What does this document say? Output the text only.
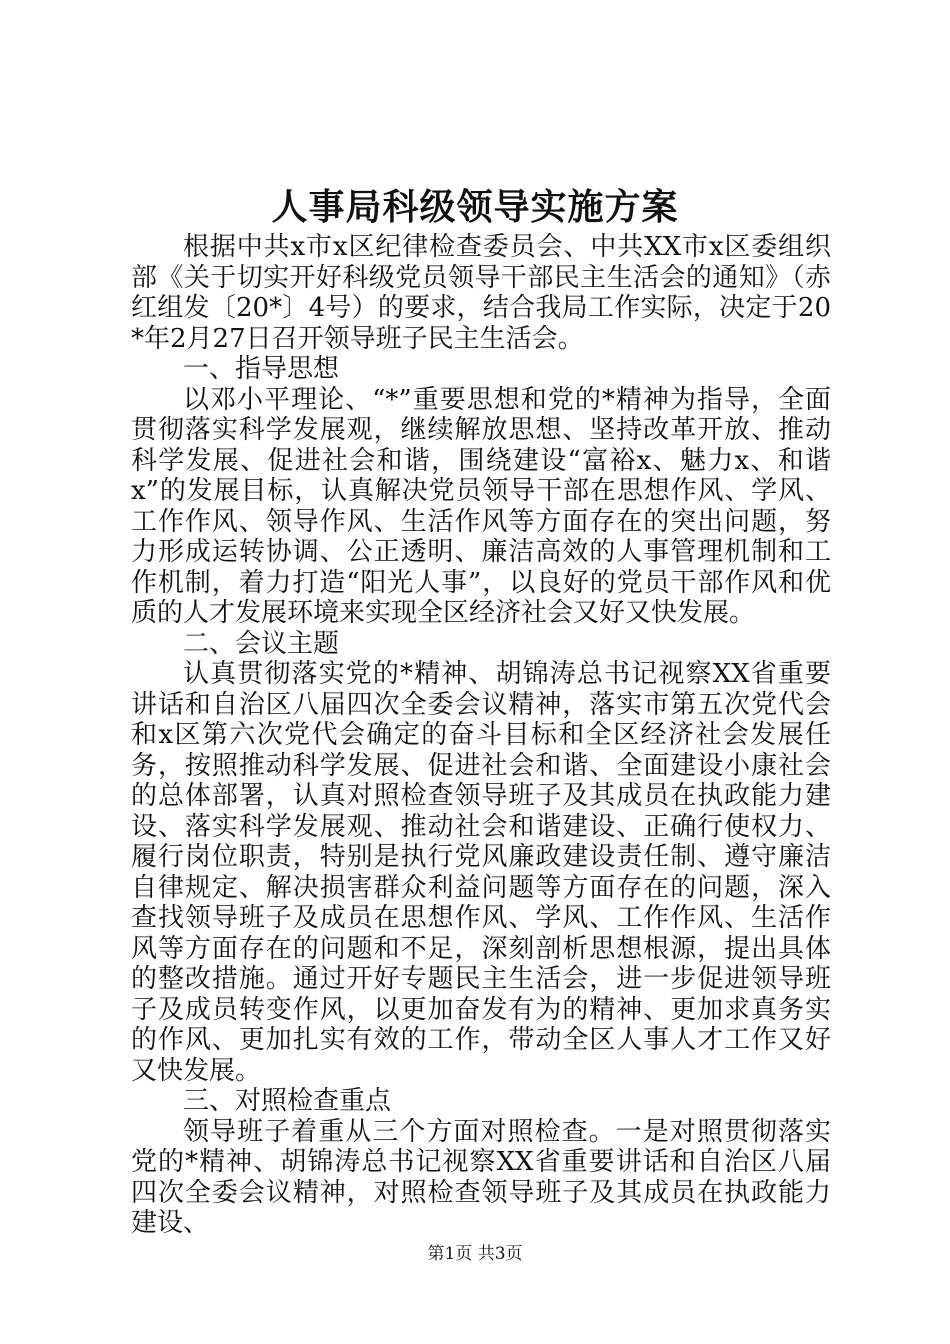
人事局科级领导实施方案

根据中共x市x区纪律检查委员会、中共XX市x区委组织部《关于切实开好科级党员领导干部民主生活会的通知》（赤红组发〔20*〕4号）的要求，结合我局工作实际，决定于20*年2月27日召开领导班子民主生活会。

一、指导思想

以邓小平理论、“*”重要思想和党的*精神为指导，全面贯彻落实科学发展观，继续解放思想、坚持改革开放、推动科学发展、促进社会和谐，围绕建设“富裕x、魅力x、和谐x”的发展目标，认真解决党员领导干部在思想作风、学风、工作作风、领导作风、生活作风等方面存在的突出问题，努力形成运转协调、公正透明、廉洁高效的人事管理机制和工作机制，着力打造“阳光人事”，以良好的党员干部作风和优质的人才发展环境来实现全区经济社会又好又快发展。

二、会议主题

认真贯彻落实党的*精神、胡锦涛总书记视察XX省重要讲话和自治区八届四次全委会议精神，落实市第五次党代会和x区第六次党代会确定的奋斗目标和全区经济社会发展任务，按照推动科学发展、促进社会和谐、全面建设小康社会的总体部署，认真对照检查领导班子及其成员在执政能力建设、落实科学发展观、推动社会和谐建设、正确行使权力、履行岗位职责，特别是执行党风廉政建设责任制、遵守廉洁自律规定、解决损害群众利益问题等方面存在的问题，深入查找领导班子及成员在思想作风、学风、工作作风、生活作风等方面存在的问题和不足，深刻剖析思想根源，提出具体的整改措施。通过开好专题民主生活会，进一步促进领导班子及成员转变作风，以更加奋发有为的精神、更加求真务实的作风、更加扎实有效的工作，带动全区人事人才工作又好又快发展。

三、对照检查重点

领导班子着重从三个方面对照检查。一是对照贯彻落实党的*精神、胡锦涛总书记视察XX省重要讲话和自治区八届四次全委会议精神，对照检查领导班子及其成员在执政能力建设、

第1页 共3页
